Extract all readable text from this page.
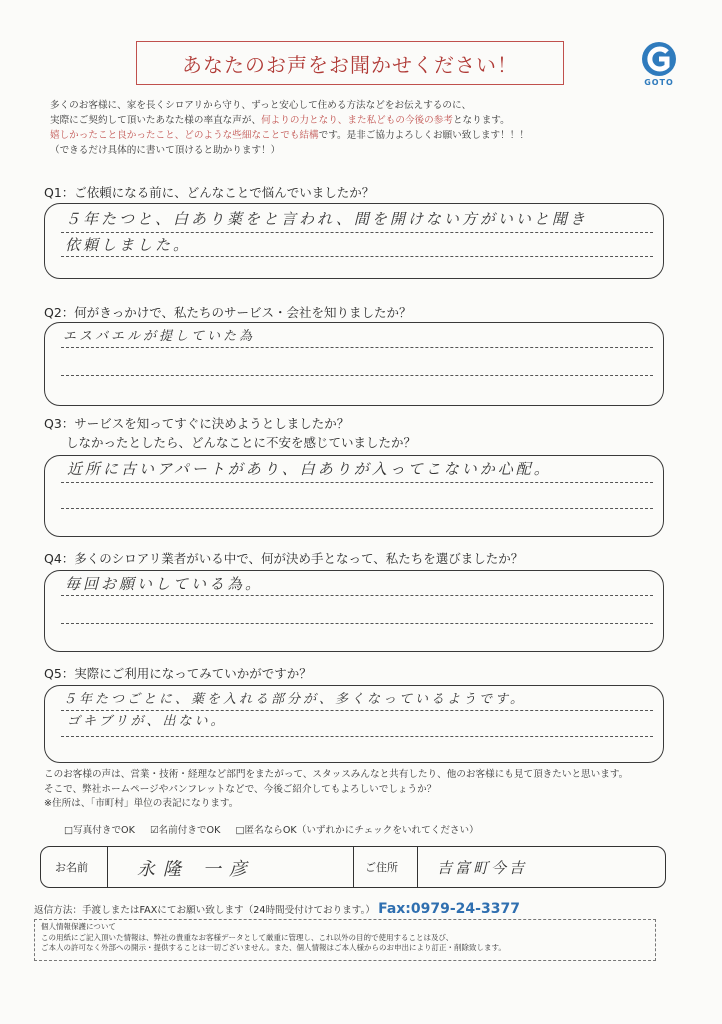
あなたのお声をお聞かせください！
GOTO
多くのお客様に、家を長くシロアリから守り、ずっと安心して住める方法などをお伝えするのに、
実際にご契約して頂いたあなた様の率直な声が、何よりの力となり、また私どもの今後の参考となります。
嬉しかったこと良かったこと、どのような些細なことでも結構です。是非ご協力よろしくお願い致します！！！
（できるだけ具体的に書いて頂けると助かります！）
Q1：ご依頼になる前に、どんなことで悩んでいましたか？
５年たつと、白あり薬をと言われ、間を開けない方がいいと聞き
依頼しました。
Q2：何がきっかけで、私たちのサービス・会社を知りましたか？
エスバエルが提していた為
Q3：サービスを知ってすぐに決めようとしましたか？
しなかったとしたら、どんなことに不安を感じていましたか？
近所に古いアパートがあり、白ありが入ってこないか心配。
Q4：多くのシロアリ業者がいる中で、何が決め手となって、私たちを選びましたか？
毎回お願いしている為。
Q5：実際にご利用になってみていかがですか？
５年たつごとに、薬を入れる部分が、多くなっているようです。
ゴキブリが、出ない。
このお客様の声は、営業・技術・経理など部門をまたがって、スタッスみんなと共有したり、他のお客様にも見て頂きたいと思います。
そこで、弊社ホームページやパンフレットなどで、今後ご紹介してもよろしいでしょうか？
※住所は、「市町村」単位の表記になります。
□写真付きでOK ☑名前付きでOK □匿名ならOK（いずれかにチェックをいれてください）
お名前	永隆 一彦	ご住所	吉富町今吉
返信方法：手渡しまたはFAXにてお願い致します（24時間受付けております。） Fax:0979-24-3377
個人情報保護について
この用紙にご記入頂いた情報は、弊社の貴重なお客様データとして厳重に管理し、これ以外の目的で使用することは及び、
ご本人の許可なく外部への開示・提供することは一切ございません。また、個人情報はご本人様からのお申出により訂正・削除致します。
